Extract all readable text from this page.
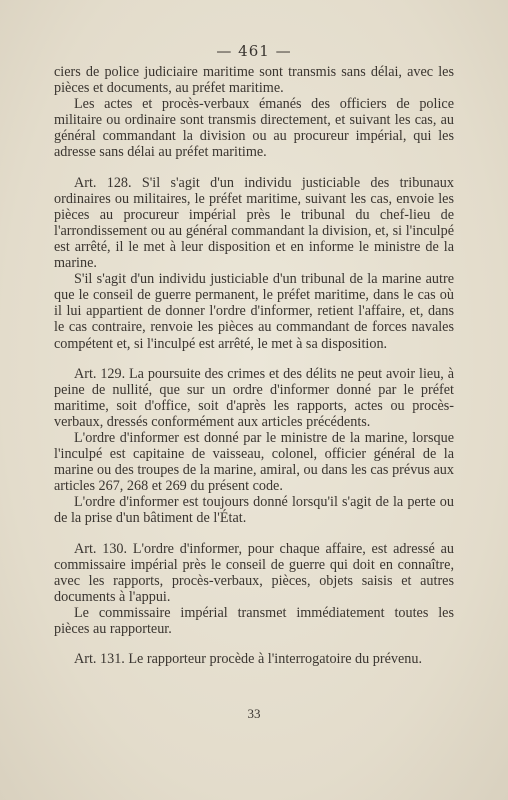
— 461 —

ciers de police judiciaire maritime sont transmis sans délai, avec les pièces et documents, au préfet maritime.

Les actes et procès-verbaux émanés des officiers de police militaire ou ordinaire sont transmis directement, et suivant les cas, au général commandant la division ou au procureur impérial, qui les adresse sans délai au préfet maritime.

Art. 128. S'il s'agit d'un individu justiciable des tribunaux ordinaires ou militaires, le préfet maritime, suivant les cas, envoie les pièces au procureur impérial près le tribunal du chef-lieu de l'arrondissement ou au général commandant la division, et, si l'inculpé est arrêté, il le met à leur disposition et en informe le ministre de la marine.

S'il s'agit d'un individu justiciable d'un tribunal de la marine autre que le conseil de guerre permanent, le préfet maritime, dans le cas où il lui appartient de donner l'ordre d'informer, retient l'affaire, et, dans le cas contraire, renvoie les pièces au commandant de forces navales compétent et, si l'inculpé est arrêté, le met à sa disposition.

Art. 129. La poursuite des crimes et des délits ne peut avoir lieu, à peine de nullité, que sur un ordre d'informer donné par le préfet maritime, soit d'office, soit d'après les rapports, actes ou procès-verbaux, dressés conformément aux articles précédents.

L'ordre d'informer est donné par le ministre de la marine, lorsque l'inculpé est capitaine de vaisseau, colonel, officier général de la marine ou des troupes de la marine, amiral, ou dans les cas prévus aux articles 267, 268 et 269 du présent code.

L'ordre d'informer est toujours donné lorsqu'il s'agit de la perte ou de la prise d'un bâtiment de l'État.

Art. 130. L'ordre d'informer, pour chaque affaire, est adressé au commissaire impérial près le conseil de guerre qui doit en connaître, avec les rapports, procès-verbaux, pièces, objets saisis et autres documents à l'appui.

Le commissaire impérial transmet immédiatement toutes les pièces au rapporteur.

Art. 131. Le rapporteur procède à l'interrogatoire du prévenu.

33
